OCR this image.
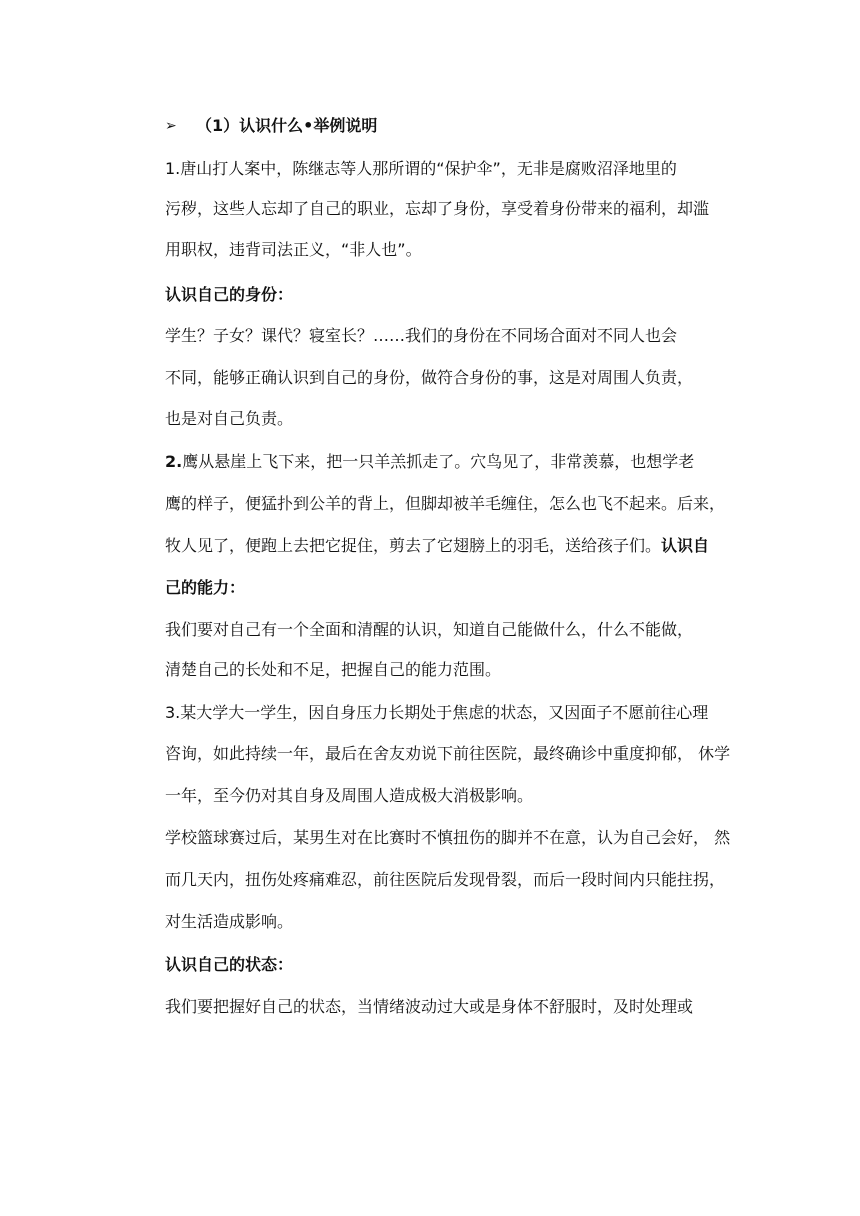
➢ （1）认识什么•举例说明
1.唐山打人案中，陈继志等人那所谓的“保护伞”，无非是腐败沼泽地里的
污秽，这些人忘却了自己的职业，忘却了身份，享受着身份带来的福利，却滥
用职权，违背司法正义，“非人也”。
认识自己的身份：
学生？子女？课代？寝室长？……我们的身份在不同场合面对不同人也会
不同，能够正确认识到自己的身份，做符合身份的事，这是对周围人负责，
也是对自己负责。
2.鹰从悬崖上飞下来，把一只羊羔抓走了。穴鸟见了，非常羡慕，也想学老
鹰的样子，便猛扑到公羊的背上，但脚却被羊毛缠住，怎么也飞不起来。后来，
牧人见了，便跑上去把它捉住，剪去了它翅膀上的羽毛，送给孩子们。认识自
己的能力：
我们要对自己有一个全面和清醒的认识，知道自己能做什么，什么不能做，
清楚自己的长处和不足，把握自己的能力范围。
3.某大学大一学生，因自身压力长期处于焦虑的状态，又因面子不愿前往心理
咨询，如此持续一年，最后在舍友劝说下前往医院，最终确诊中重度抑郁， 休学
一年，至今仍对其自身及周围人造成极大消极影响。
学校篮球赛过后，某男生对在比赛时不慎扭伤的脚并不在意，认为自己会好， 然
而几天内，扭伤处疼痛难忍，前往医院后发现骨裂，而后一段时间内只能拄拐，
对生活造成影响。
认识自己的状态：
我们要把握好自己的状态，当情绪波动过大或是身体不舒服时，及时处理或
